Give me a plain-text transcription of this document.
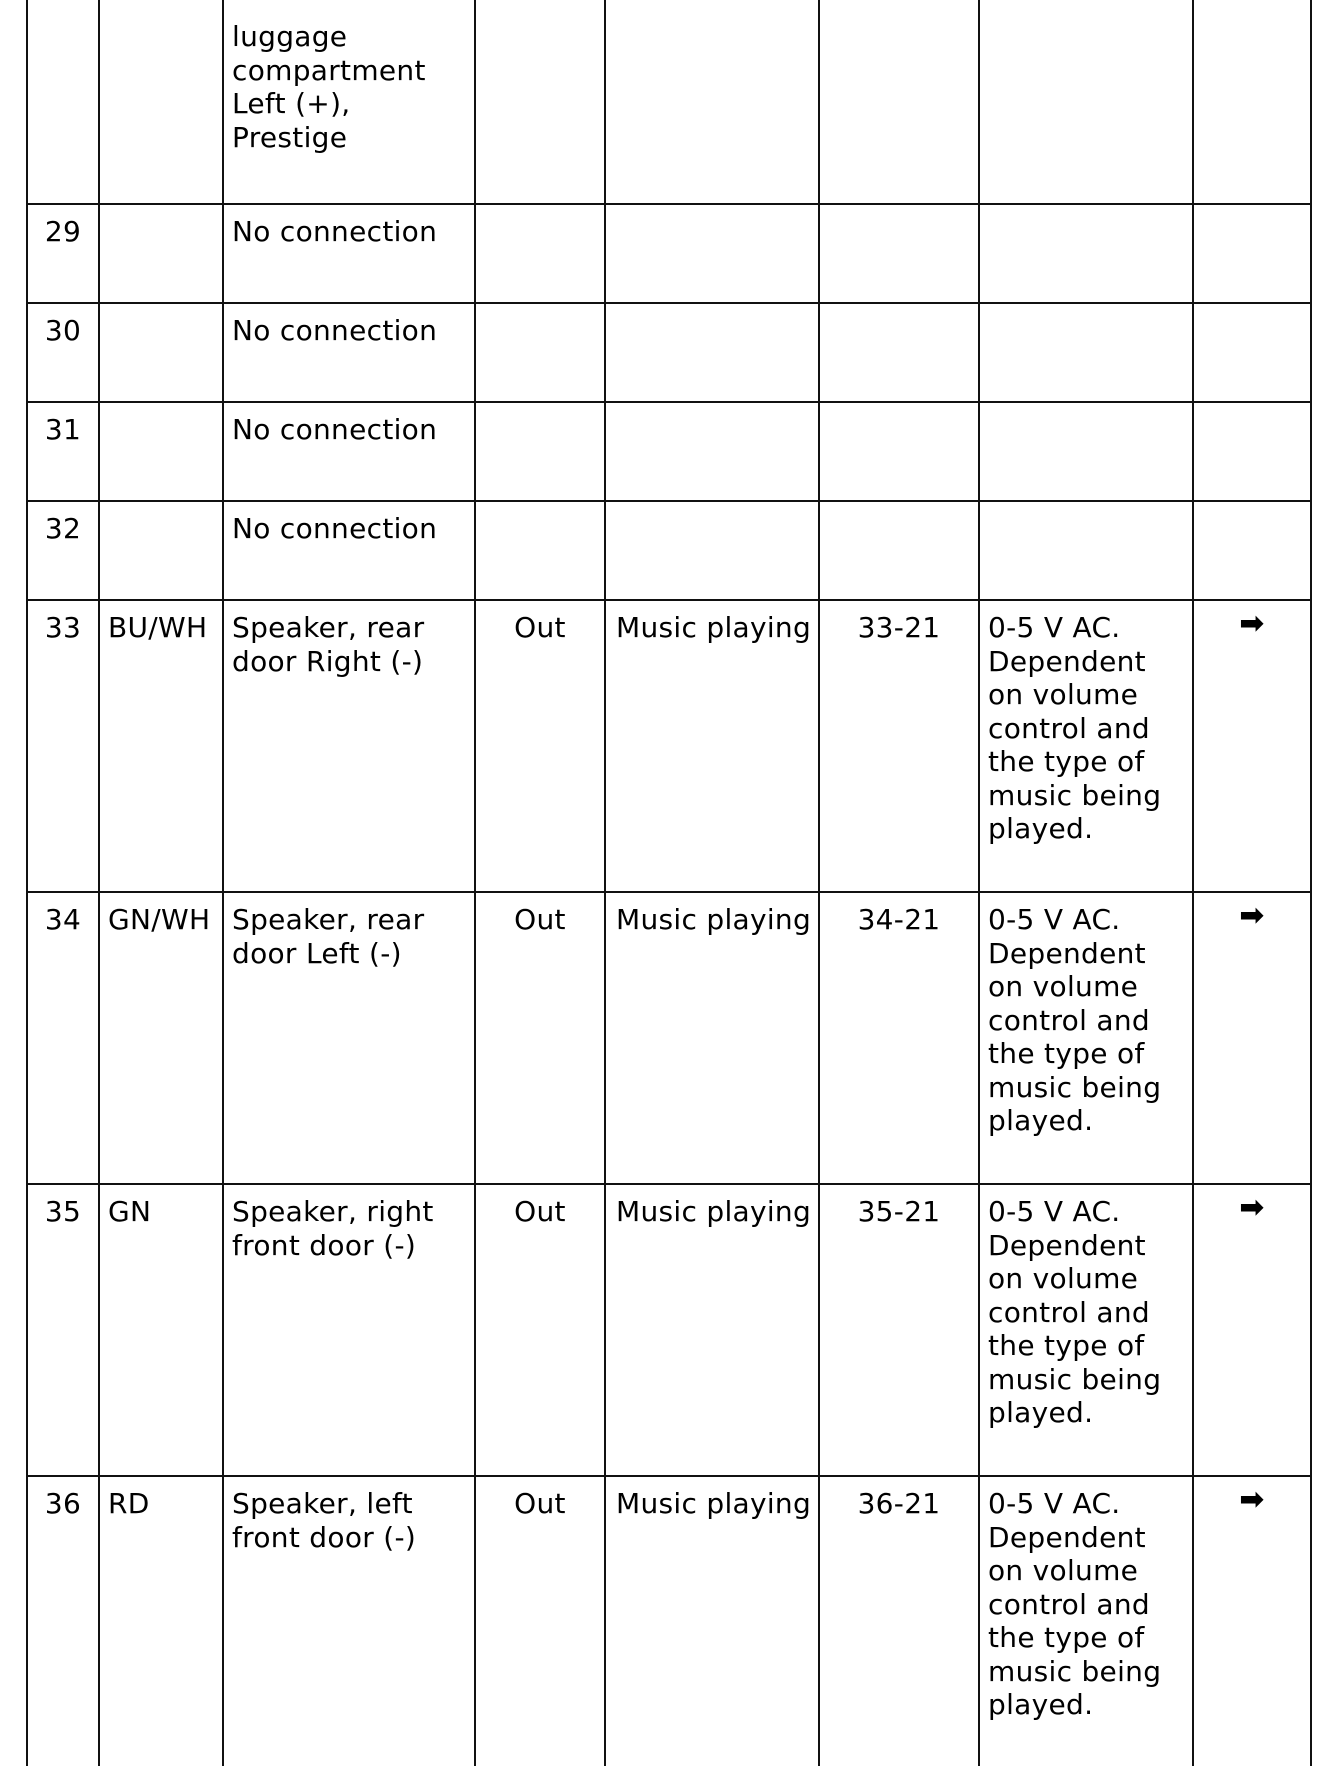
		luggage compartment Left (+), Prestige					
29		No connection					
30		No connection					
31		No connection					
32		No connection					
33	BU/WH	Speaker, rear door Right (-)	Out	Music playing	33-21	0-5 V AC. Dependent on volume control and the type of music being played.	➡
34	GN/WH	Speaker, rear door Left (-)	Out	Music playing	34-21	0-5 V AC. Dependent on volume control and the type of music being played.	➡
35	GN	Speaker, right front door (-)	Out	Music playing	35-21	0-5 V AC. Dependent on volume control and the type of music being played.	➡
36	RD	Speaker, left front door (-)	Out	Music playing	36-21	0-5 V AC. Dependent on volume control and the type of music being played.	➡
